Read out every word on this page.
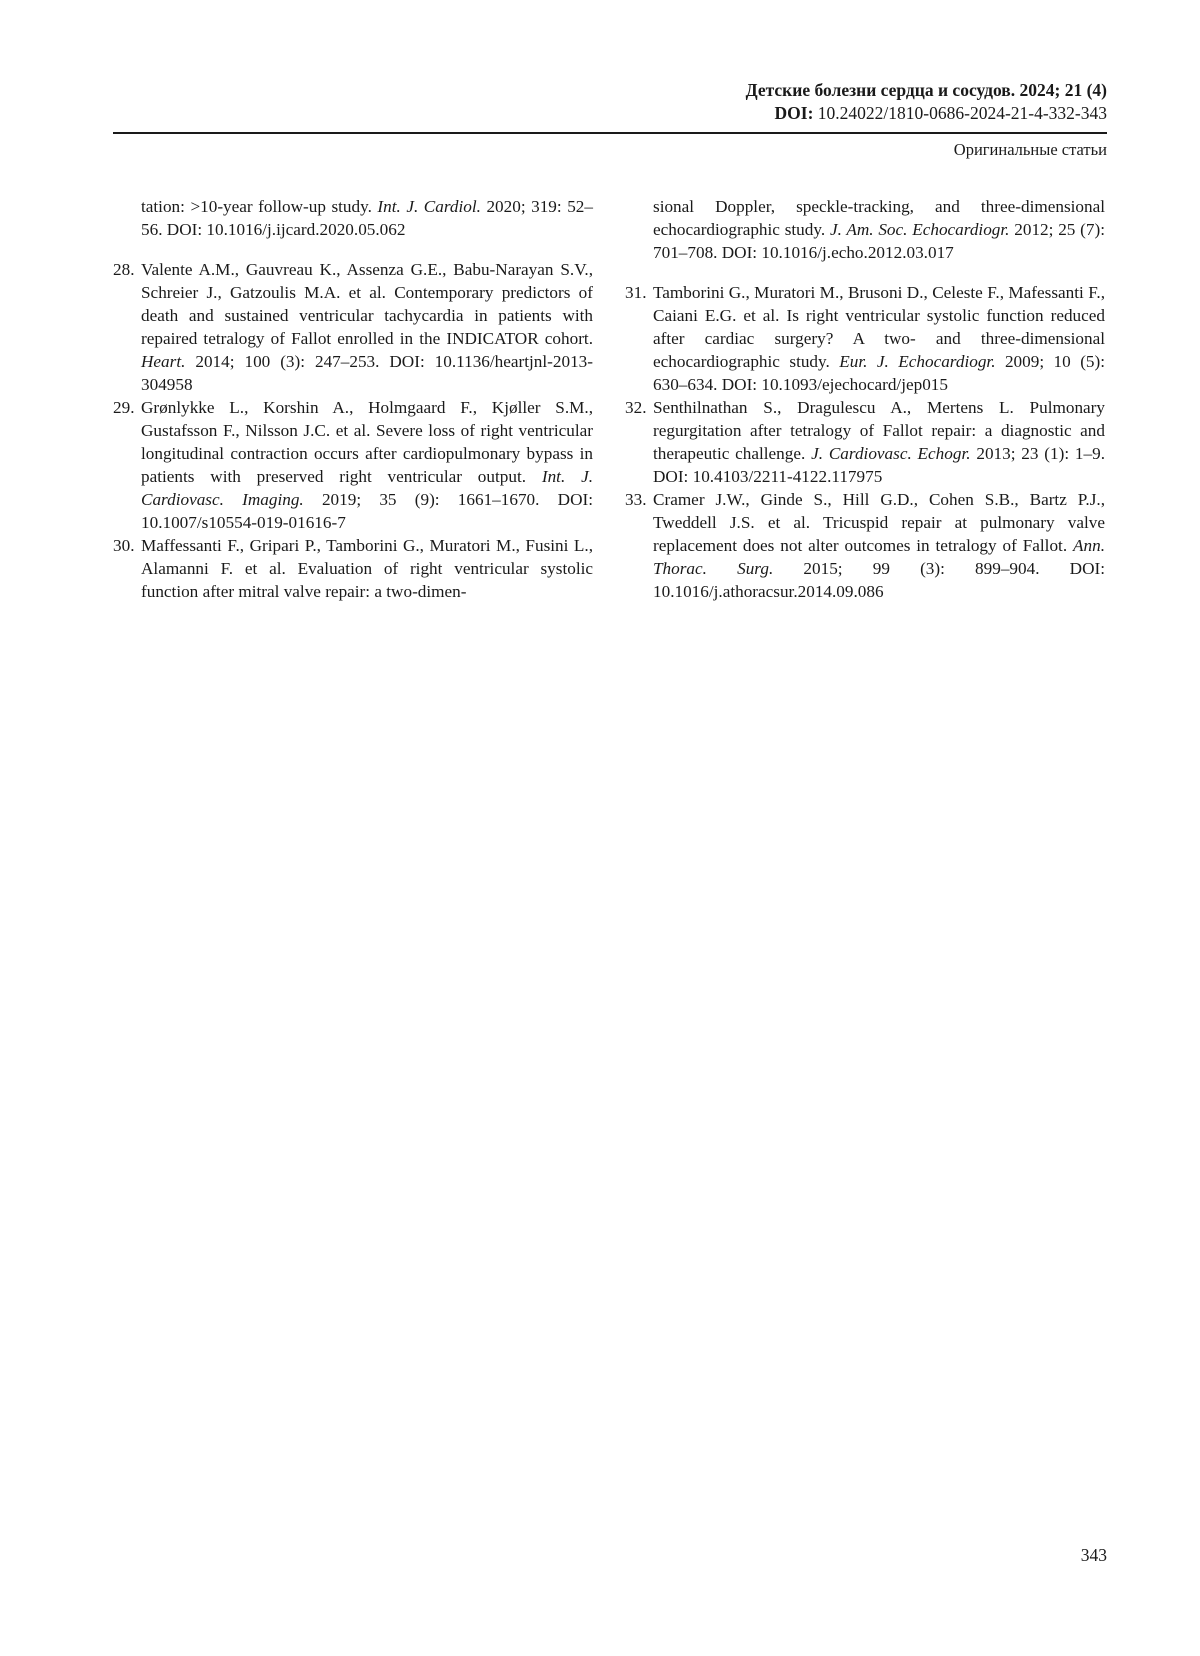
Детские болезни сердца и сосудов. 2024; 21 (4)
DOI: 10.24022/1810-0686-2024-21-4-332-343
Оригинальные статьи

tation: >10-year follow-up study. Int. J. Cardiol. 2020; 319: 52–56. DOI: 10.1016/j.ijcard.2020.05.062

28. Valente A.M., Gauvreau K., Assenza G.E., Babu-Narayan S.V., Schreier J., Gatzoulis M.A. et al. Contemporary predictors of death and sustained ventricular tachycardia in patients with repaired tetralogy of Fallot enrolled in the INDICATOR cohort. Heart. 2014; 100 (3): 247–253. DOI: 10.1136/heartjnl-2013-304958
29. Grønlykke L., Korshin A., Holmgaard F., Kjøller S.M., Gustafsson F., Nilsson J.C. et al. Severe loss of right ventricular longitudinal contraction occurs after cardiopulmonary bypass in patients with preserved right ventricular output. Int. J. Cardiovasc. Imaging. 2019; 35 (9): 1661–1670. DOI: 10.1007/s10554-019-01616-7
30. Maffessanti F., Gripari P., Tamborini G., Muratori M., Fusini L., Alamanni F. et al. Evaluation of right ventricular systolic function after mitral valve repair: a two-dimen-

sional Doppler, speckle-tracking, and three-dimensional echocardiographic study. J. Am. Soc. Echocardiogr. 2012; 25 (7): 701–708. DOI: 10.1016/j.echo.2012.03.017

31. Tamborini G., Muratori M., Brusoni D., Celeste F., Mafessanti F., Caiani E.G. et al. Is right ventricular systolic function reduced after cardiac surgery? A two- and three-dimensional echocardiographic study. Eur. J. Echocardiogr. 2009; 10 (5): 630–634. DOI: 10.1093/ejechocard/jep015
32. Senthilnathan S., Dragulescu A., Mertens L. Pulmonary regurgitation after tetralogy of Fallot repair: a diagnostic and therapeutic challenge. J. Cardiovasc. Echogr. 2013; 23 (1): 1–9. DOI: 10.4103/2211-4122.117975
33. Cramer J.W., Ginde S., Hill G.D., Cohen S.B., Bartz P.J., Tweddell J.S. et al. Tricuspid repair at pulmonary valve replacement does not alter outcomes in tetralogy of Fallot. Ann. Thorac. Surg. 2015; 99 (3): 899–904. DOI: 10.1016/j.athoracsur.2014.09.086
343
